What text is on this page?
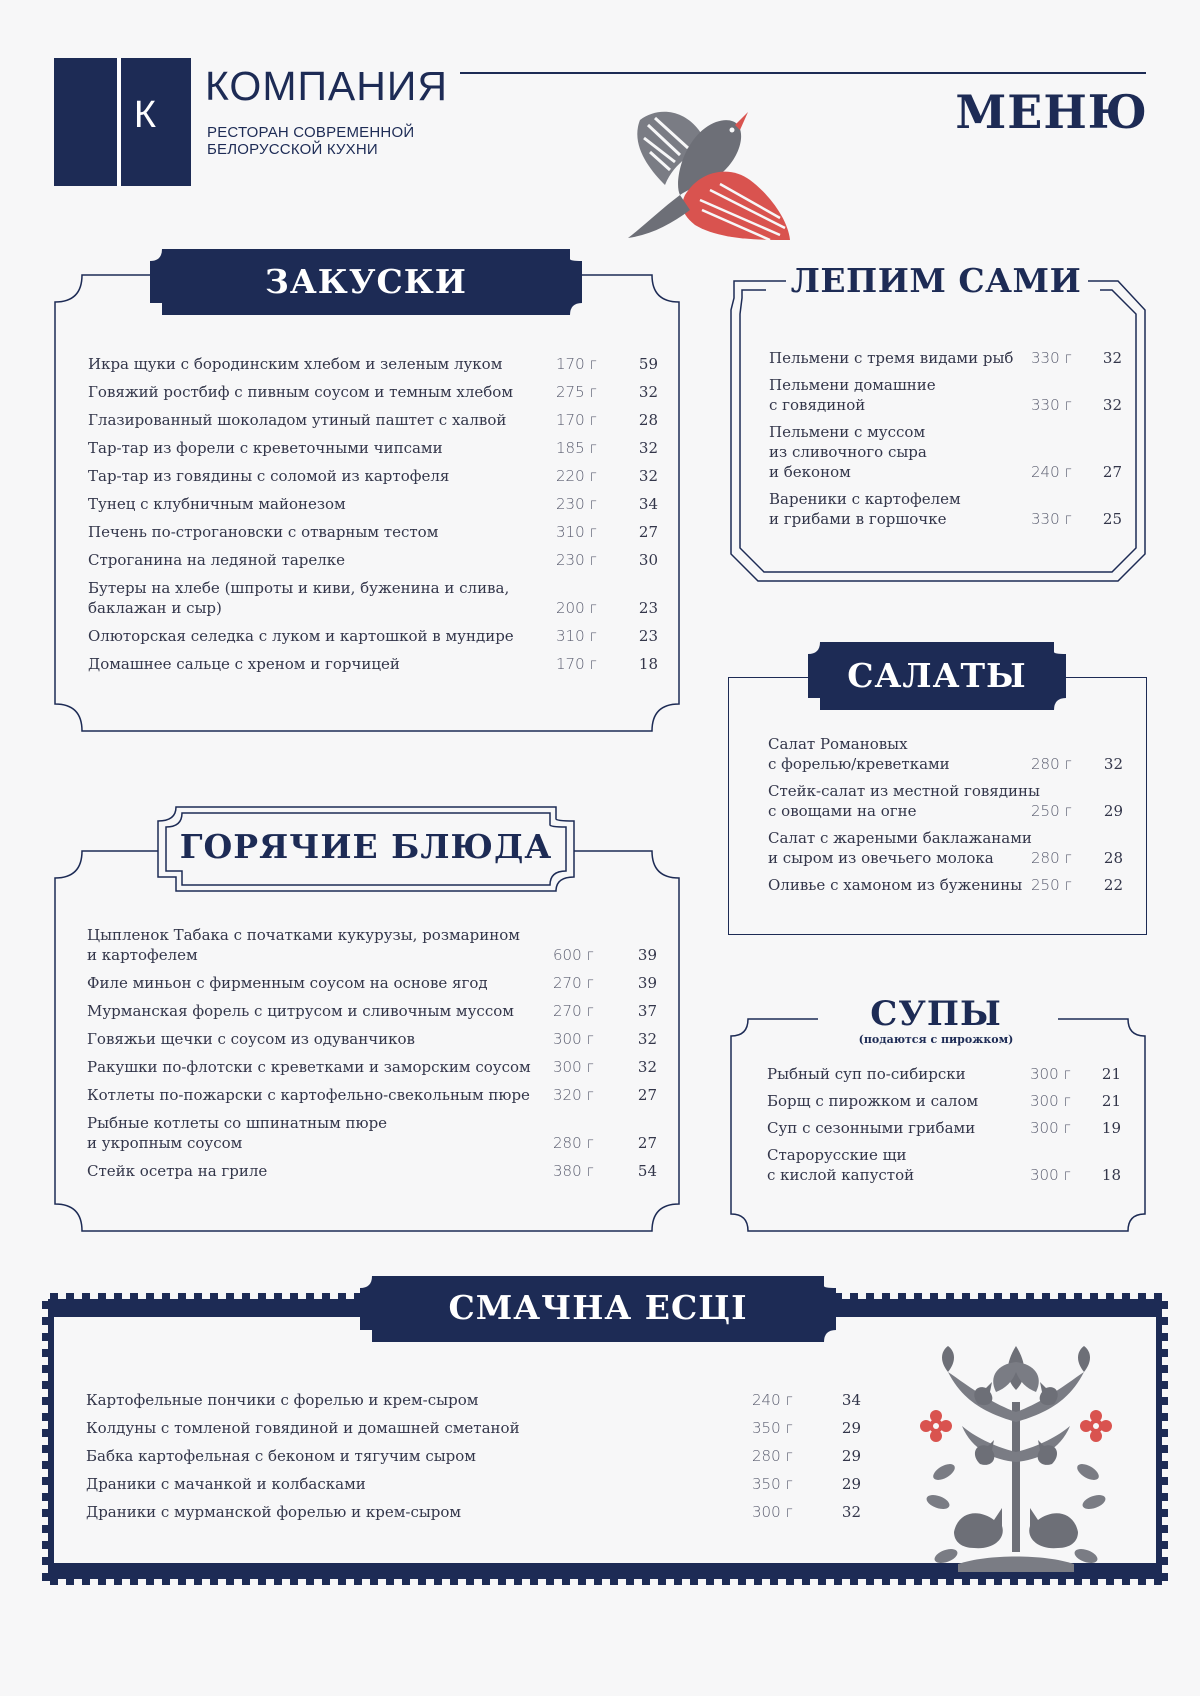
К
КОМПАНИЯ
РЕСТОРАН СОВРЕМЕННОЙ БЕЛОРУССКОЙ КУХНИ
МЕНЮ
ЗАКУСКИ
Икра щуки с бородинским хлебом и зеленым луком	170 г	59
Говяжий ростбиф с пивным соусом и темным хлебом	275 г	32
Глазированный шоколадом утиный паштет с халвой	170 г	28
Тар-тар из форели с креветочными чипсами	185 г	32
Тар-тар из говядины с соломой из картофеля	220 г	32
Тунец с клубничным майонезом	230 г	34
Печень по-строгановски с отварным тестом	310 г	27
Строганина на ледяной тарелке	230 г	30
Бутеры на хлебе (шпроты и киви, буженина и слива,
баклажан и сыр)	200 г	23
Олюторская селедка с луком и картошкой в мундире	310 г	23
Домашнее сальце с хреном и горчицей	170 г	18
ЛЕПИМ САМИ
Пельмени с тремя видами рыб	330 г	32
Пельмени домашние
с говядиной	330 г	32
Пельмени с муссом
из сливочного сыра
и беконом	240 г	27
Вареники с картофелем
и грибами в горшочке	330 г	25
САЛАТЫ
Салат Романовых
с форелью/креветками	280 г	32
Стейк-салат из местной говядины
с овощами на огне	250 г	29
Салат с жареными баклажанами
и сыром из овечьего молока	280 г	28
Оливье с хамоном из буженины 250 г	22
ГОРЯЧИЕ БЛЮДА
Цыпленок Табака с початками кукурузы, розмарином
и картофелем	600 г	39
Филе миньон с фирменным соусом на основе ягод	270 г	39
Мурманская форель с цитрусом и сливочным муссом	270 г	37
Говяжьи щечки с соусом из одуванчиков	300 г	32
Ракушки по-флотски с креветками и заморским соусом	300 г	32
Котлеты по-пожарски с картофельно-свекольным пюре	320 г	27
Рыбные котлеты со шпинатным пюре
и укропным соусом	280 г	27
Стейк осетра на гриле	380 г	54
СУПЫ
(подаются с пирожком)
Рыбный суп по-сибирски	300 г	21
Борщ с пирожком и салом	300 г	21
Суп с сезонными грибами	300 г	19
Старорусские щи
с кислой капустой	300 г	18
СМАЧНА ЕСЦІ
Картофельные пончики с форелью и крем-сыром	240 г	34
Колдуны с томленой говядиной и домашней сметаной	350 г	29
Бабка картофельная с беконом и тягучим сыром	280 г	29
Драники с мачанкой и колбасками	350 г	29
Драники с мурманской форелью и крем-сыром	300 г	32
